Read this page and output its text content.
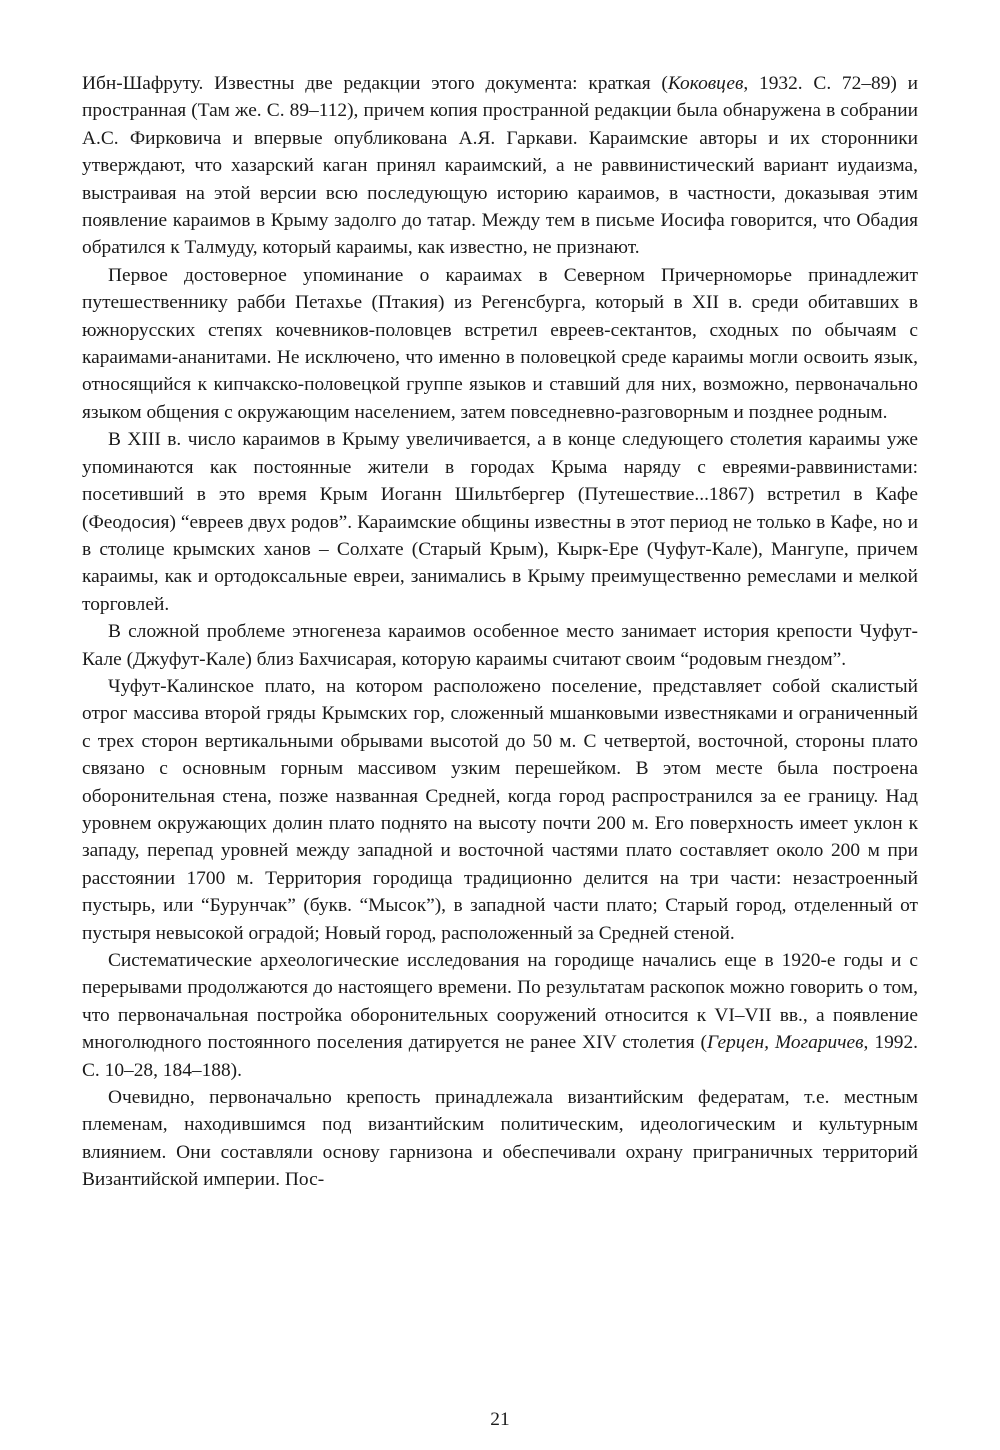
Ибн-Шафруту. Известны две редакции этого документа: краткая (Коковцев, 1932. С. 72–89) и пространная (Там же. С. 89–112), причем копия пространной редакции была обнаружена в собрании А.С. Фирковича и впервые опубликована А.Я. Гаркави. Караимские авторы и их сторонники утверждают, что хазарский каган принял караимский, а не раввинистический вариант иудаизма, выстраивая на этой версии всю последующую историю караимов, в частности, доказывая этим появление караимов в Крыму задолго до татар. Между тем в письме Иосифа говорится, что Обадия обратился к Талмуду, который караимы, как известно, не признают.

Первое достоверное упоминание о караимах в Северном Причерноморье принадлежит путешественнику рабби Петахье (Птакия) из Регенсбурга, который в XII в. среди обитавших в южнорусских степях кочевников-половцев встретил евреев-сектантов, сходных по обычаям с караимами-ананитами. Не исключено, что именно в половецкой среде караимы могли освоить язык, относящийся к кипчакско-половецкой группе языков и ставший для них, возможно, первоначально языком общения с окружающим населением, затем повседневно-разговорным и позднее родным.

В XIII в. число караимов в Крыму увеличивается, а в конце следующего столетия караимы уже упоминаются как постоянные жители в городах Крыма наряду с евреями-раввинистами: посетивший в это время Крым Иоганн Шильтбергер (Путешествие...1867) встретил в Кафе (Феодосия) “евреев двух родов”. Караимские общины известны в этот период не только в Кафе, но и в столице крымских ханов – Солхате (Старый Крым), Кырк-Ере (Чуфут-Кале), Мангупе, причем караимы, как и ортодоксальные евреи, занимались в Крыму преимущественно ремеслами и мелкой торговлей.

В сложной проблеме этногенеза караимов особенное место занимает история крепости Чуфут-Кале (Джуфут-Кале) близ Бахчисарая, которую караимы считают своим “родовым гнездом”.

Чуфут-Калинское плато, на котором расположено поселение, представляет собой скалистый отрог массива второй гряды Крымских гор, сложенный мшанковыми известняками и ограниченный с трех сторон вертикальными обрывами высотой до 50 м. С четвертой, восточной, стороны плато связано с основным горным массивом узким перешейком. В этом месте была построена оборонительная стена, позже названная Средней, когда город распространился за ее границу. Над уровнем окружающих долин плато поднято на высоту почти 200 м. Его поверхность имеет уклон к западу, перепад уровней между западной и восточной частями плато составляет около 200 м при расстоянии 1700 м. Территория городища традиционно делится на три части: незастроенный пустырь, или “Бурунчак” (букв. “Мысок”), в западной части плато; Старый город, отделенный от пустыря невысокой оградой; Новый город, расположенный за Средней стеной.

Систематические археологические исследования на городище начались еще в 1920-е годы и с перерывами продолжаются до настоящего времени. По результатам раскопок можно говорить о том, что первоначальная постройка оборонительных сооружений относится к VI–VII вв., а появление многолюдного постоянного поселения датируется не ранее XIV столетия (Герцен, Могаричев, 1992. С. 10–28, 184–188).

Очевидно, первоначально крепость принадлежала византийским федератам, т.е. местным племенам, находившимся под византийским политическим, идеологическим и культурным влиянием. Они составляли основу гарнизона и обеспечивали охрану приграничных территорий Византийской империи. Пос-

21
